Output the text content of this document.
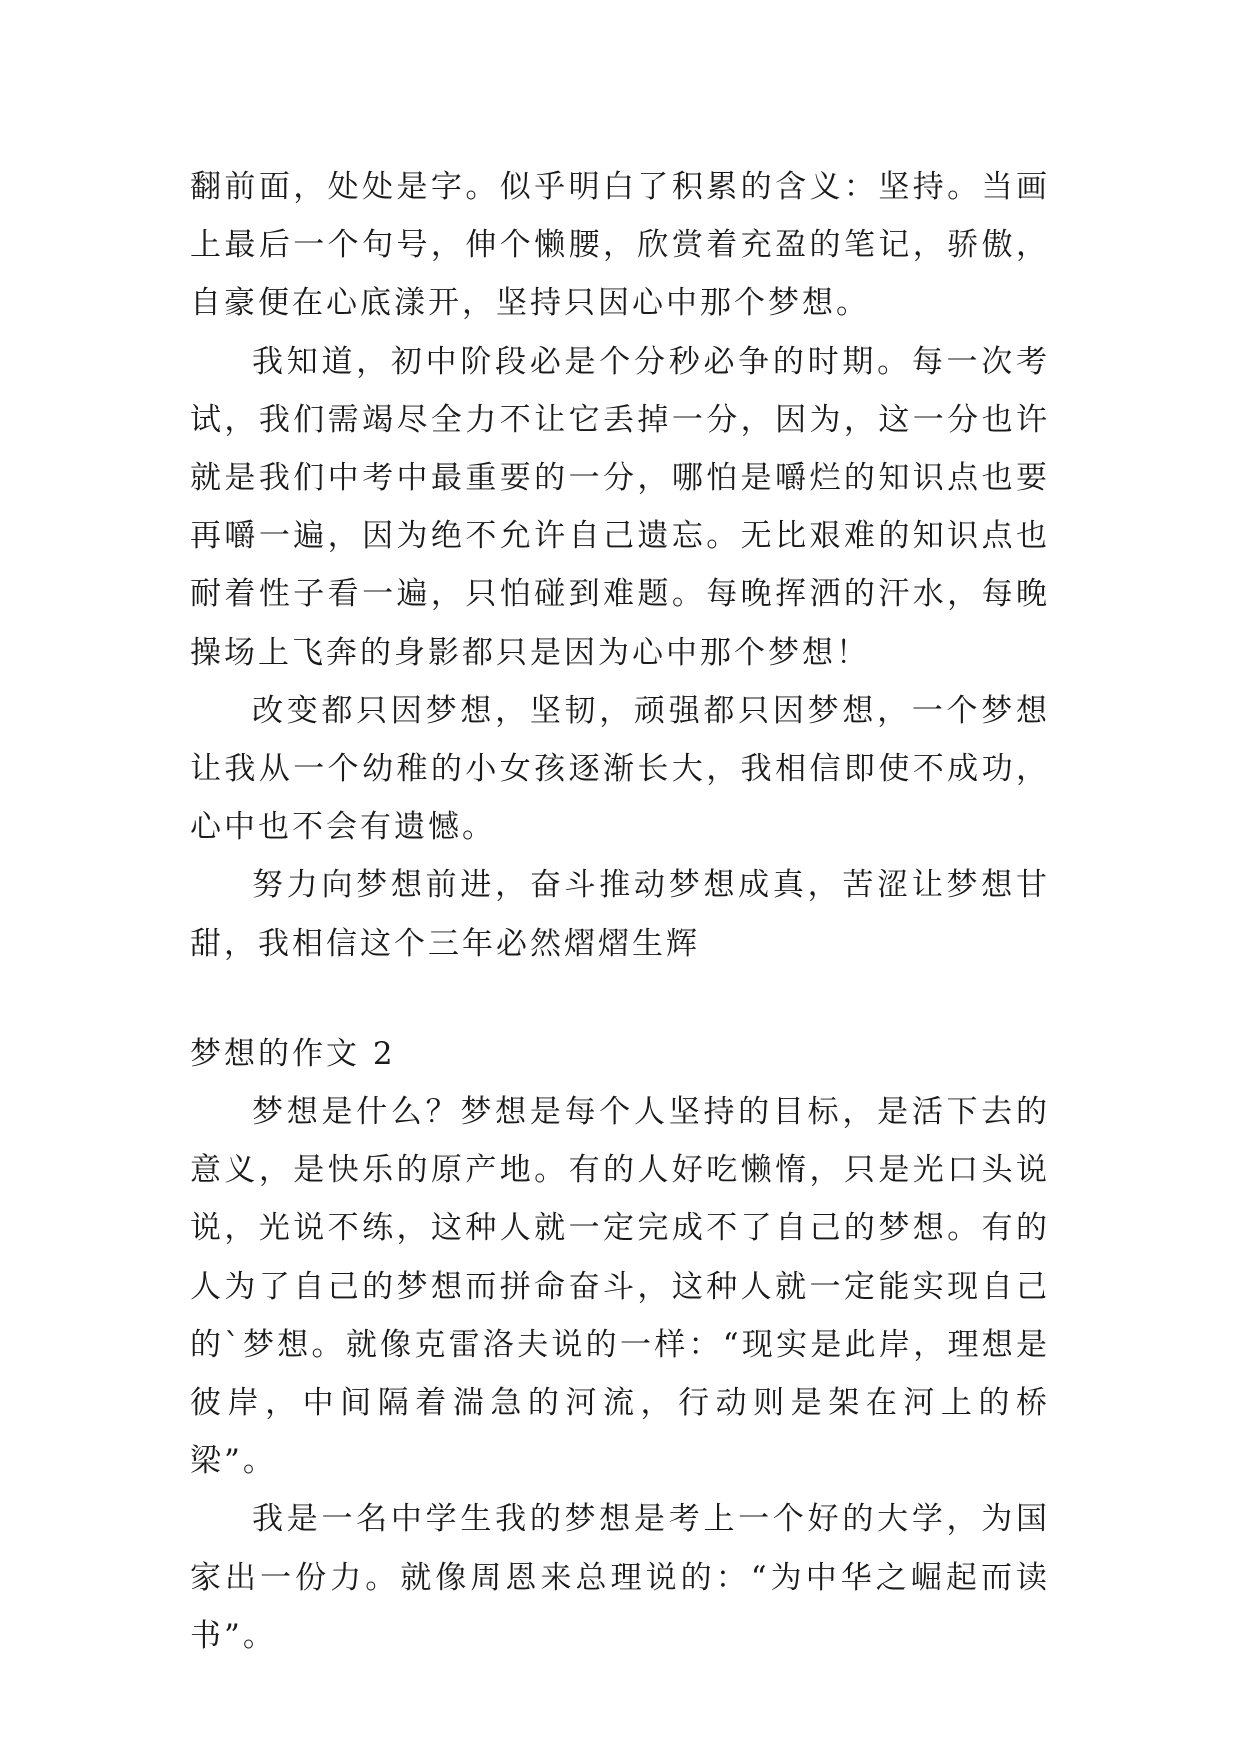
翻前面，处处是字。似乎明白了积累的含义：坚持。当画上最后一个句号，伸个懒腰，欣赏着充盈的笔记，骄傲，自豪便在心底漾开，坚持只因心中那个梦想。

我知道，初中阶段必是个分秒必争的时期。每一次考试，我们需竭尽全力不让它丢掉一分，因为，这一分也许就是我们中考中最重要的一分，哪怕是嚼烂的知识点也要再嚼一遍，因为绝不允许自己遗忘。无比艰难的知识点也耐着性子看一遍，只怕碰到难题。每晚挥洒的汗水，每晚操场上飞奔的身影都只是因为心中那个梦想！

改变都只因梦想，坚韧，顽强都只因梦想，一个梦想让我从一个幼稚的小女孩逐渐长大，我相信即使不成功，心中也不会有遗憾。

努力向梦想前进，奋斗推动梦想成真，苦涩让梦想甘甜，我相信这个三年必然熠熠生辉

梦想的作文 2

梦想是什么？梦想是每个人坚持的目标，是活下去的意义，是快乐的原产地。有的人好吃懒惰，只是光口头说说，光说不练，这种人就一定完成不了自己的梦想。有的人为了自己的梦想而拼命奋斗，这种人就一定能实现自己的`梦想。就像克雷洛夫说的一样：“现实是此岸，理想是彼岸，中间隔着湍急的河流，行动则是架在河上的桥梁”。

我是一名中学生我的梦想是考上一个好的大学，为国家出一份力。就像周恩来总理说的：“为中华之崛起而读书”。
